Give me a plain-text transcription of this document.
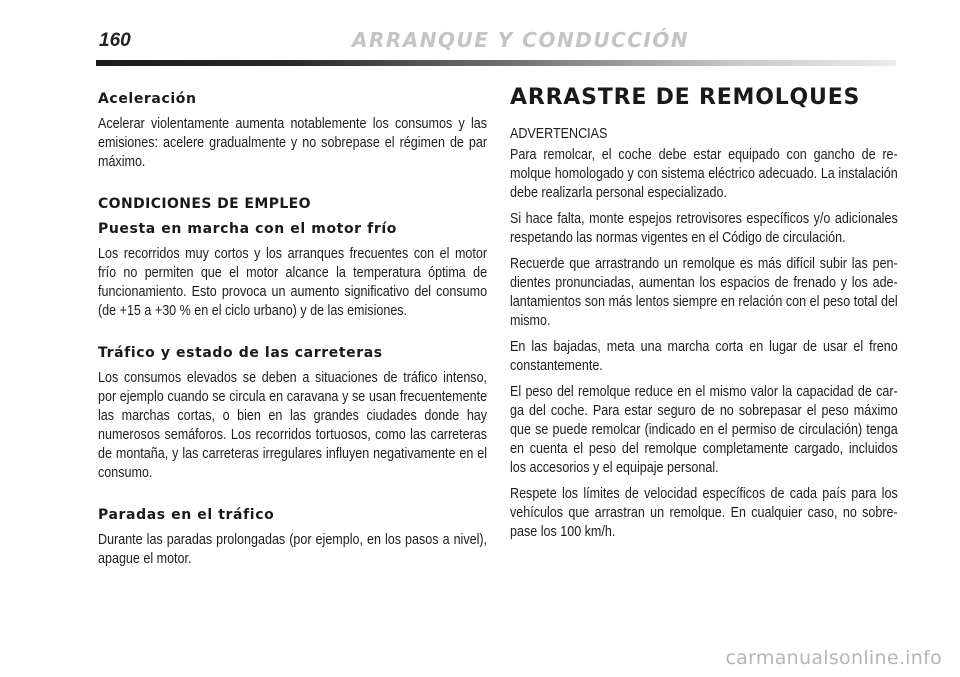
160	ARRANQUE Y CONDUCCIÓN
Aceleración

Acelerar violentamente aumenta notablemente los consumos y las emisiones: acelere gradualmente y no sobrepase el régimen de par máximo.

CONDICIONES DE EMPLEO
Puesta en marcha con el motor frío

Los recorridos muy cortos y los arranques frecuentes con el motor frío no permiten que el motor alcance la temperatura óptima de funcionamiento. Esto provoca un aumento significativo del consumo (de +15 a +30 % en el ciclo urbano) y de las emisiones.

Tráfico y estado de las carreteras

Los consumos elevados se deben a situaciones de tráfico intenso, por ejemplo cuando se circula en caravana y se usan frecuentemente las marchas cortas, o bien en las grandes ciudades donde hay numerosos semáforos. Los recorridos tortuosos, como las carreteras de montaña, y las carreteras irregulares influyen negativamente en el consumo.

Paradas en el tráfico

Durante las paradas prolongadas (por ejemplo, en los pasos a nivel), apague el motor.

ARRASTRE DE REMOLQUES
ADVERTENCIAS

Para remolcar, el coche debe estar equipado con gancho de remolque homologado y con sistema eléctrico adecuado. La instalación debe realizarla personal especializado.

Si hace falta, monte espejos retrovisores específicos y/o adicionales respetando las normas vigentes en el Código de circulación.

Recuerde que arrastrando un remolque es más difícil subir las pendientes pronunciadas, aumentan los espacios de frenado y los adelantamientos son más lentos siempre en relación con el peso total del mismo.

En las bajadas, meta una marcha corta en lugar de usar el freno constantemente.

El peso del remolque reduce en el mismo valor la capacidad de carga del coche. Para estar seguro de no sobrepasar el peso máximo que se puede remolcar (indicado en el permiso de circulación) tenga en cuenta el peso del remolque completamente cargado, incluidos los accesorios y el equipaje personal.

Respete los límites de velocidad específicos de cada país para los vehículos que arrastran un remolque. En cualquier caso, no sobrepase los 100 km/h.

carmanualsonline.info
